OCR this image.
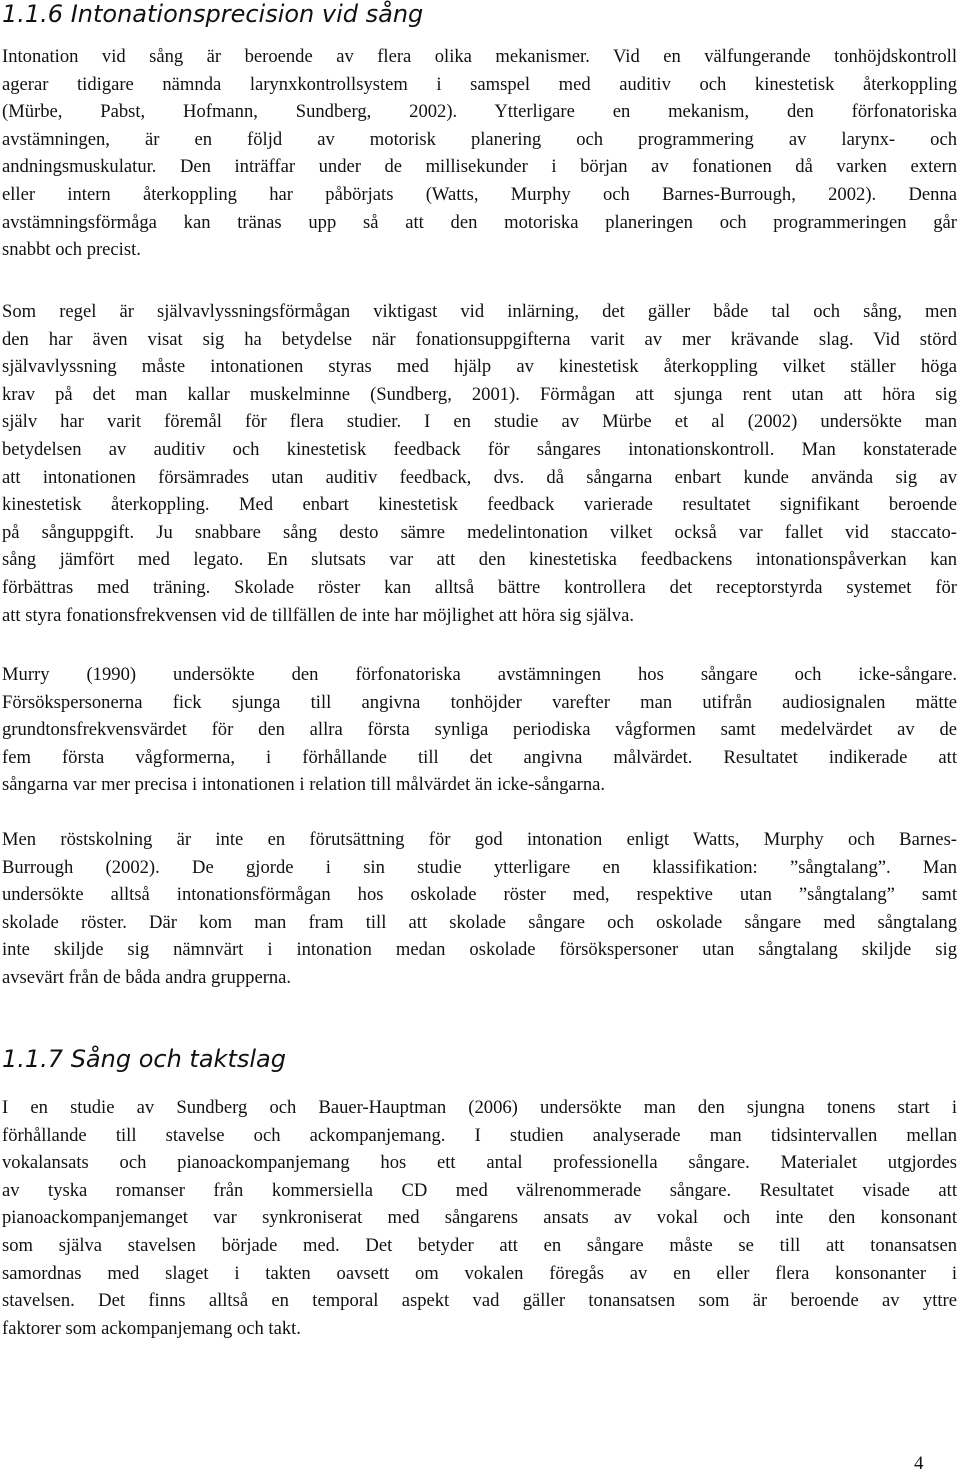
1.1.6 Intonationsprecision vid sång
Intonation vid sång är beroende av flera olika mekanismer. Vid en välfungerande tonhöjdskontroll
agerar tidigare nämnda larynxkontrollsystem i samspel med auditiv och kinestetisk återkoppling
(Mürbe, Pabst, Hofmann, Sundberg, 2002). Ytterligare en mekanism, den förfonatoriska
avstämningen, är en följd av motorisk planering och programmering av larynx- och
andningsmuskulatur. Den inträffar under de millisekunder i början av fonationen då varken extern
eller intern återkoppling har påbörjats (Watts, Murphy och Barnes-Burrough, 2002). Denna
avstämningsförmåga kan tränas upp så att den motoriska planeringen och programmeringen går
snabbt och precist.
Som regel är självavlyssningsförmågan viktigast vid inlärning, det gäller både tal och sång, men
den har även visat sig ha betydelse när fonationsuppgifterna varit av mer krävande slag. Vid störd
självavlyssning måste intonationen styras med hjälp av kinestetisk återkoppling vilket ställer höga
krav på det man kallar muskelminne (Sundberg, 2001). Förmågan att sjunga rent utan att höra sig
själv har varit föremål för flera studier. I en studie av Mürbe et al (2002) undersökte man
betydelsen av auditiv och kinestetisk feedback för sångares intonationskontroll. Man konstaterade
att intonationen försämrades utan auditiv feedback, dvs. då sångarna enbart kunde använda sig av
kinestetisk återkoppling. Med enbart kinestetisk feedback varierade resultatet signifikant beroende
på sånguppgift. Ju snabbare sång desto sämre medelintonation vilket också var fallet vid staccato-
sång jämfört med legato. En slutsats var att den kinestetiska feedbackens intonationspåverkan kan
förbättras med träning. Skolade röster kan alltså bättre kontrollera det receptorstyrda systemet för
att styra fonationsfrekvensen vid de tillfällen de inte har möjlighet att höra sig själva.
Murry (1990) undersökte den förfonatoriska avstämningen hos sångare och icke-sångare.
Försökspersonerna fick sjunga till angivna tonhöjder varefter man utifrån audiosignalen mätte
grundtonsfrekvensvärdet för den allra första synliga periodiska vågformen samt medelvärdet av de
fem första vågformerna, i förhållande till det angivna målvärdet. Resultatet indikerade att
sångarna var mer precisa i intonationen i relation till målvärdet än icke-sångarna.
Men röstskolning är inte en förutsättning för god intonation enligt Watts, Murphy och Barnes-
Burrough (2002). De gjorde i sin studie ytterligare en klassifikation: ”sångtalang”. Man
undersökte alltså intonationsförmågan hos oskolade röster med, respektive utan ”sångtalang” samt
skolade röster. Där kom man fram till att skolade sångare och oskolade sångare med sångtalang
inte skiljde sig nämnvärt i intonation medan oskolade försökspersoner utan sångtalang skiljde sig
avsevärt från de båda andra grupperna.
1.1.7 Sång och taktslag
I en studie av Sundberg och Bauer-Hauptman (2006) undersökte man den sjungna tonens start i
förhållande till stavelse och ackompanjemang. I studien analyserade man tidsintervallen mellan
vokalansats och pianoackompanjemang hos ett antal professionella sångare. Materialet utgjordes
av tyska romanser från kommersiella CD med välrenommerade sångare. Resultatet visade att
pianoackompanjemanget var synkroniserat med sångarens ansats av vokal och inte den konsonant
som själva stavelsen började med. Det betyder att en sångare måste se till att tonansatsen
samordnas med slaget i takten oavsett om vokalen föregås av en eller flera konsonanter i
stavelsen. Det finns alltså en temporal aspekt vad gäller tonansatsen som är beroende av yttre
faktorer som ackompanjemang och takt.
4
